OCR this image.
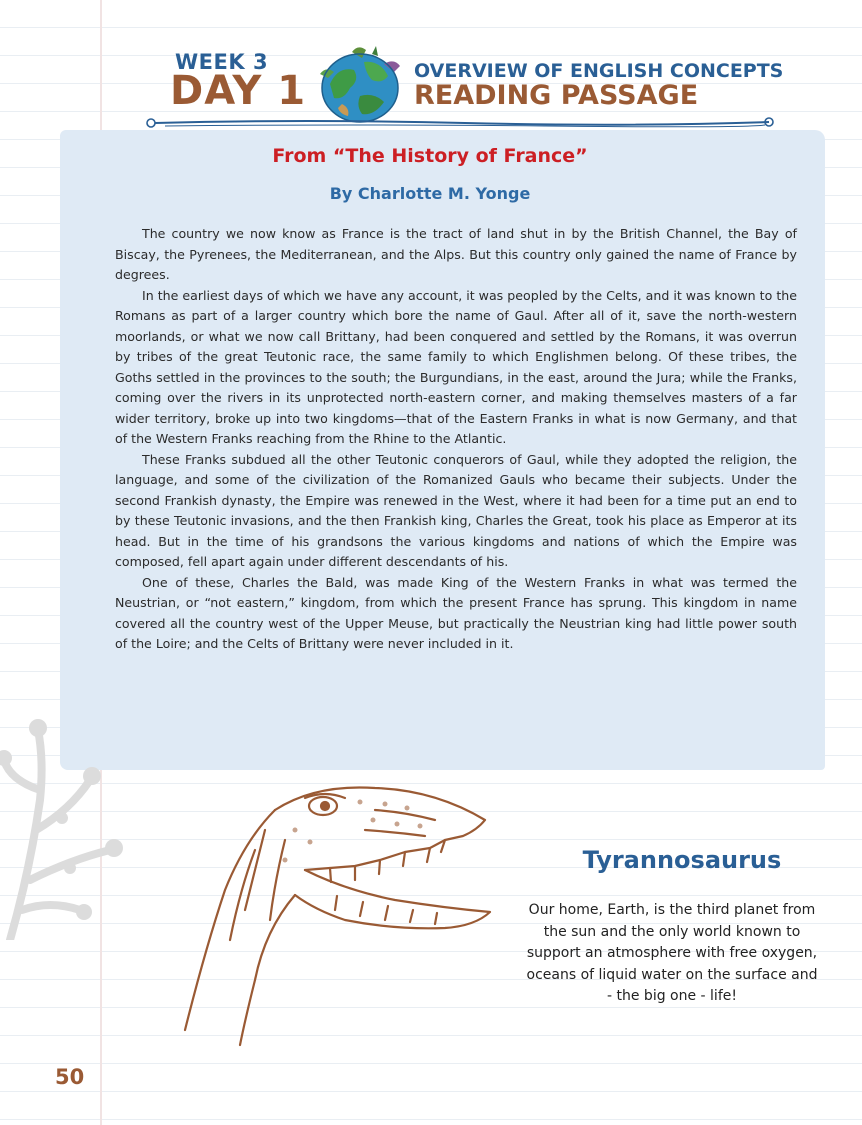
WEEK 3
DAY 1	OVERVIEW OF ENGLISH CONCEPTS
READING PASSAGE
From “The History of France”
By Charlotte M. Yonge

The country we now know as France is the tract of land shut in by the British Channel, the Bay of Biscay, the Pyrenees, the Mediterranean, and the Alps. But this country only gained the name of France by degrees.

In the earliest days of which we have any account, it was peopled by the Celts, and it was known to the Romans as part of a larger country which bore the name of Gaul. After all of it, save the north-western moorlands, or what we now call Brittany, had been conquered and settled by the Romans, it was overrun by tribes of the great Teutonic race, the same family to which Englishmen belong. Of these tribes, the Goths settled in the provinces to the south; the Burgundians, in the east, around the Jura; while the Franks, coming over the rivers in its unprotected north-eastern corner, and making themselves masters of a far wider territory, broke up into two kingdoms—that of the Eastern Franks in what is now Germany, and that of the Western Franks reaching from the Rhine to the Atlantic.

These Franks subdued all the other Teutonic conquerors of Gaul, while they adopted the religion, the language, and some of the civilization of the Romanized Gauls who became their subjects. Under the second Frankish dynasty, the Empire was renewed in the West, where it had been for a time put an end to by these Teutonic invasions, and the then Frankish king, Charles the Great, took his place as Emperor at its head. But in the time of his grandsons the various kingdoms and nations of which the Empire was composed, fell apart again under different descendants of his.

One of these, Charles the Bald, was made King of the Western Franks in what was termed the Neustrian, or “not eastern,” kingdom, from which the present France has sprung. This kingdom in name covered all the country west of the Upper Meuse, but practically the Neustrian king had little power south of the Loire; and the Celts of Brittany were never included in it.

Tyrannosaurus
Our home, Earth, is the third planet from the sun and the only world known to support an atmosphere with free oxygen, oceans of liquid water on the surface and - the big one - life!
50
